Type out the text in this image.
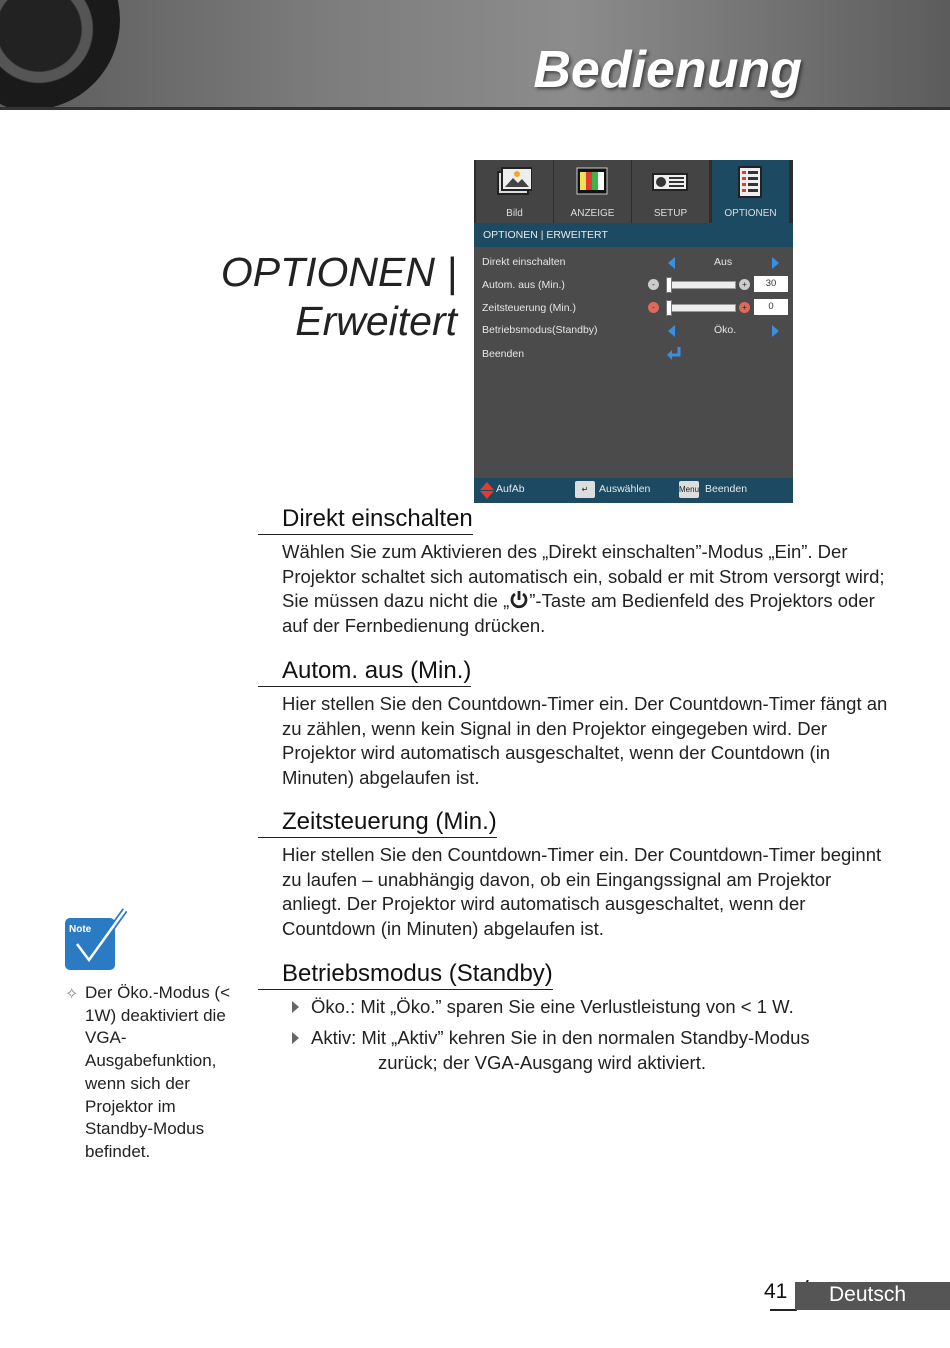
Bedienung
OPTIONEN |
Erweitert
Bild	ANZEIGE	SETUP	OPTIONEN
OPTIONEN | ERWEITERT
Direkt einschalten	Aus
Autom. aus (Min.)	-	+	30
Zeitsteuerung (Min.)	-	+	0
Betriebsmodus(Standby)	Öko.
Beenden
AufAb	↵	Auswählen	Menu Beenden
Direkt einschalten

Wählen Sie zum Aktivieren des „Direkt einschalten”-Modus „Ein”. Der Projektor schaltet sich automatisch ein, sobald er mit Strom versorgt wird; Sie müssen dazu nicht die „ ”-Taste am Bedienfeld des Projektors oder auf der Fernbedienung drücken.

Autom. aus (Min.)

Hier stellen Sie den Countdown-Timer ein. Der Countdown-Timer fängt an zu zählen, wenn kein Signal in den Projektor eingegeben wird. Der Projektor wird automatisch ausgeschaltet, wenn der Countdown (in Minuten) abgelaufen ist.

Zeitsteuerung (Min.)

Hier stellen Sie den Countdown-Timer ein. Der Countdown-Timer beginnt zu laufen – unabhängig davon, ob ein Eingangssignal am Projektor anliegt. Der Projektor wird automatisch ausgeschaltet, wenn der Countdown (in Minuten) abgelaufen ist.

Betriebsmodus (Standby)
Öko.: Mit „Öko.” sparen Sie eine Verlustleistung von < 1 W.
Aktiv: Mit „Aktiv” kehren Sie in den normalen Standby-Modus
zurück; der VGA-Ausgang wird aktiviert.
Note
✧ Der Öko.-Modus (< 1W) deaktiviert die VGA-Ausgabefunktion, wenn sich der Projektor im Standby-Modus befindet.
41 Deutsch
